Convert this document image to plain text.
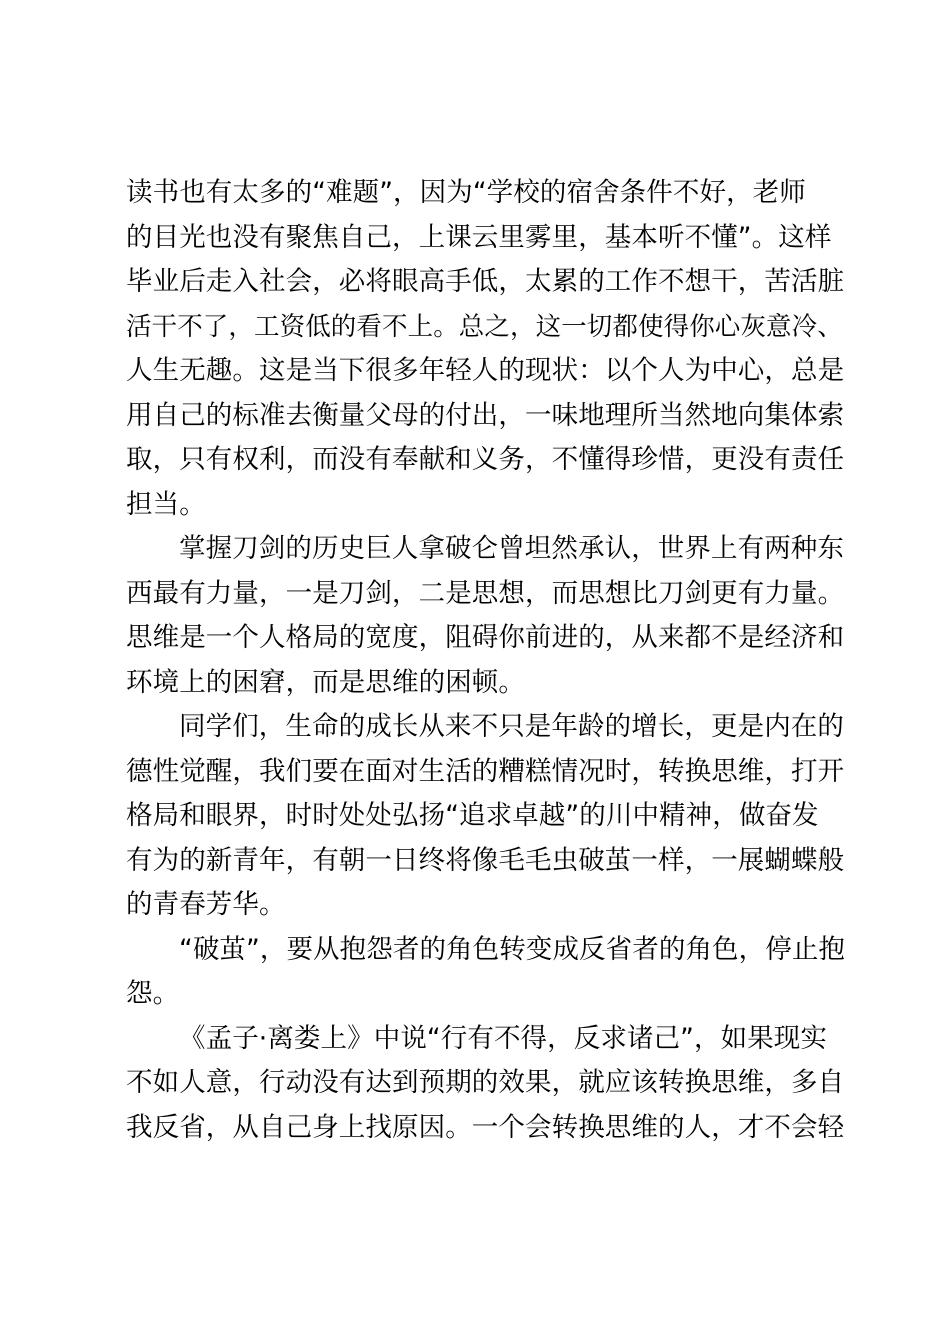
读书也有太多的“难题”，因为“学校的宿舍条件不好，老师
的目光也没有聚焦自己，上课云里雾里，基本听不懂”。这样
毕业后走入社会，必将眼高手低，太累的工作不想干，苦活脏
活干不了，工资低的看不上。总之，这一切都使得你心灰意冷、
人生无趣。这是当下很多年轻人的现状：以个人为中心，总是
用自己的标准去衡量父母的付出，一味地理所当然地向集体索
取，只有权利，而没有奉献和义务，不懂得珍惜，更没有责任
担当。
掌握刀剑的历史巨人拿破仑曾坦然承认，世界上有两种东
西最有力量，一是刀剑，二是思想，而思想比刀剑更有力量。
思维是一个人格局的宽度，阻碍你前进的，从来都不是经济和
环境上的困窘，而是思维的困顿。
同学们，生命的成长从来不只是年龄的增长，更是内在的
德性觉醒，我们要在面对生活的糟糕情况时，转换思维，打开
格局和眼界，时时处处弘扬“追求卓越”的川中精神，做奋发
有为的新青年，有朝一日终将像毛毛虫破茧一样，一展蝴蝶般
的青春芳华。
“破茧”，要从抱怨者的角色转变成反省者的角色，停止抱
怨。
《孟子·离娄上》中说“行有不得，反求诸己”，如果现实
不如人意，行动没有达到预期的效果，就应该转换思维，多自
我反省，从自己身上找原因。一个会转换思维的人，才不会轻
